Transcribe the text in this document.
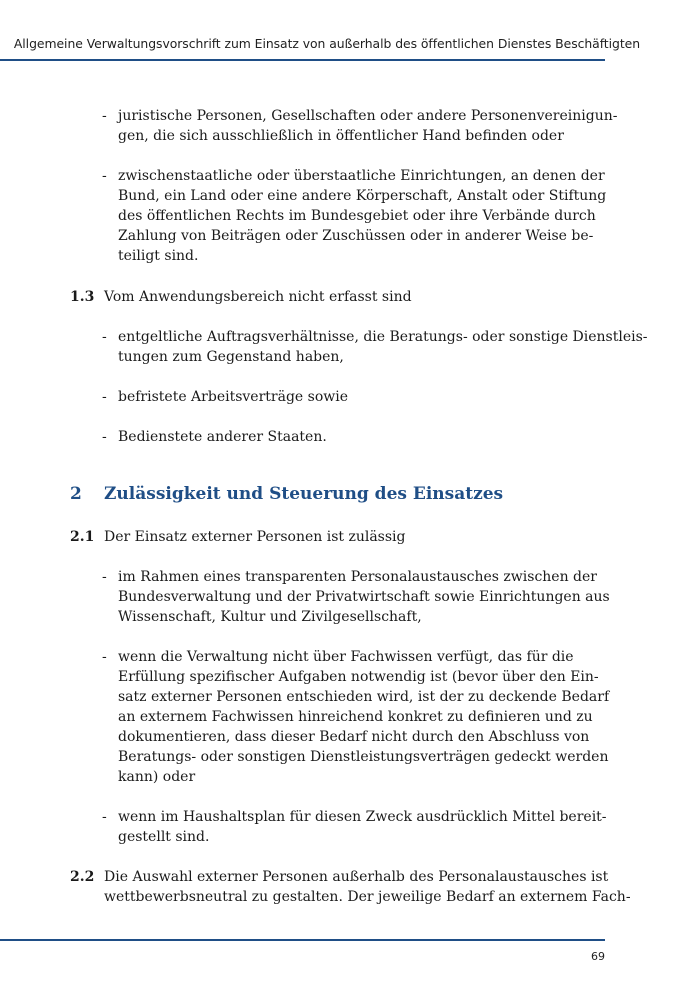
Allgemeine Verwaltungsvorschrift zum Einsatz von außerhalb des öffentlichen Dienstes Beschäftigten
- juristische Personen, Gesellschaften oder andere Personenvereinigun-
gen, die sich ausschließlich in öffentlicher Hand befinden oder
- zwischenstaatliche oder überstaatliche Einrichtungen, an denen der
Bund, ein Land oder eine andere Körperschaft, Anstalt oder Stiftung
des öffentlichen Rechts im Bundesgebiet oder ihre Verbände durch
Zahlung von Beiträgen oder Zuschüssen oder in anderer Weise be-
teiligt sind.
1.3 Vom Anwendungsbereich nicht erfasst sind
- entgeltliche Auftragsverhältnisse, die Beratungs- oder sonstige Dienstleis-
tungen zum Gegenstand haben,
- befristete Arbeitsverträge sowie
- Bedienstete anderer Staaten.
2 Zulässigkeit und Steuerung des Einsatzes
2.1 Der Einsatz externer Personen ist zulässig
- im Rahmen eines transparenten Personalaustausches zwischen der
Bundesverwaltung und der Privatwirtschaft sowie Einrichtungen aus
Wissenschaft, Kultur und Zivilgesellschaft,
- wenn die Verwaltung nicht über Fachwissen verfügt, das für die
Erfüllung spezifischer Aufgaben notwendig ist (bevor über den Ein-
satz externer Personen entschieden wird, ist der zu deckende Bedarf
an externem Fachwissen hinreichend konkret zu definieren und zu
dokumentieren, dass dieser Bedarf nicht durch den Abschluss von
Beratungs- oder sonstigen Dienstleistungsverträgen gedeckt werden
kann) oder
- wenn im Haushaltsplan für diesen Zweck ausdrücklich Mittel bereit-
gestellt sind.
2.2 Die Auswahl externer Personen außerhalb des Personalaustausches ist
wettbewerbsneutral zu gestalten. Der jeweilige Bedarf an externem Fach-
69
